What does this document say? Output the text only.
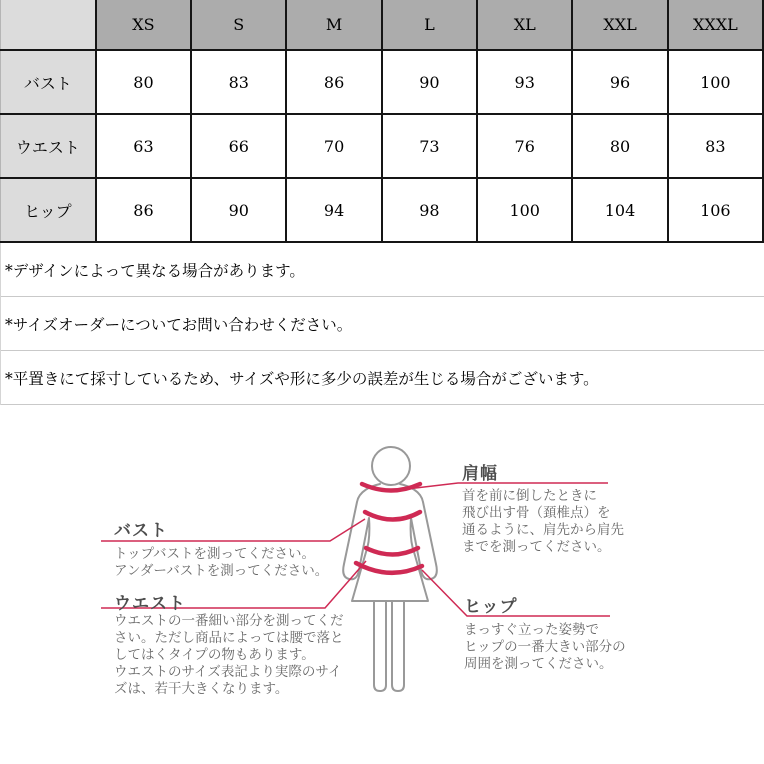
	XS	S	M	L	XL	XXL	XXXL
バスト	80	83	86	90	93	96	100
ウエスト	63	66	70	73	76	80	83
ヒップ	86	90	94	98	100	104	106
*デザインによって異なる場合があります。
*サイズオーダーについてお問い合わせください。
*平置きにて採寸しているため、サイズや形に多少の誤差が生じる場合がございます。
バスト
トップバストを測ってください。
アンダーバストを測ってください。
ウエスト
ウエストの一番細い部分を測ってくだ
さい。ただし商品によっては腰で落と
してはくタイプの物もあります。
ウエストのサイズ表記より実際のサイ
ズは、若干大きくなります。
肩幅
首を前に倒したときに
飛び出す骨（頚椎点）を
通るように、肩先から肩先
までを測ってください。
ヒップ
まっすぐ立った姿勢で
ヒップの一番大きい部分の
周囲を測ってください。
